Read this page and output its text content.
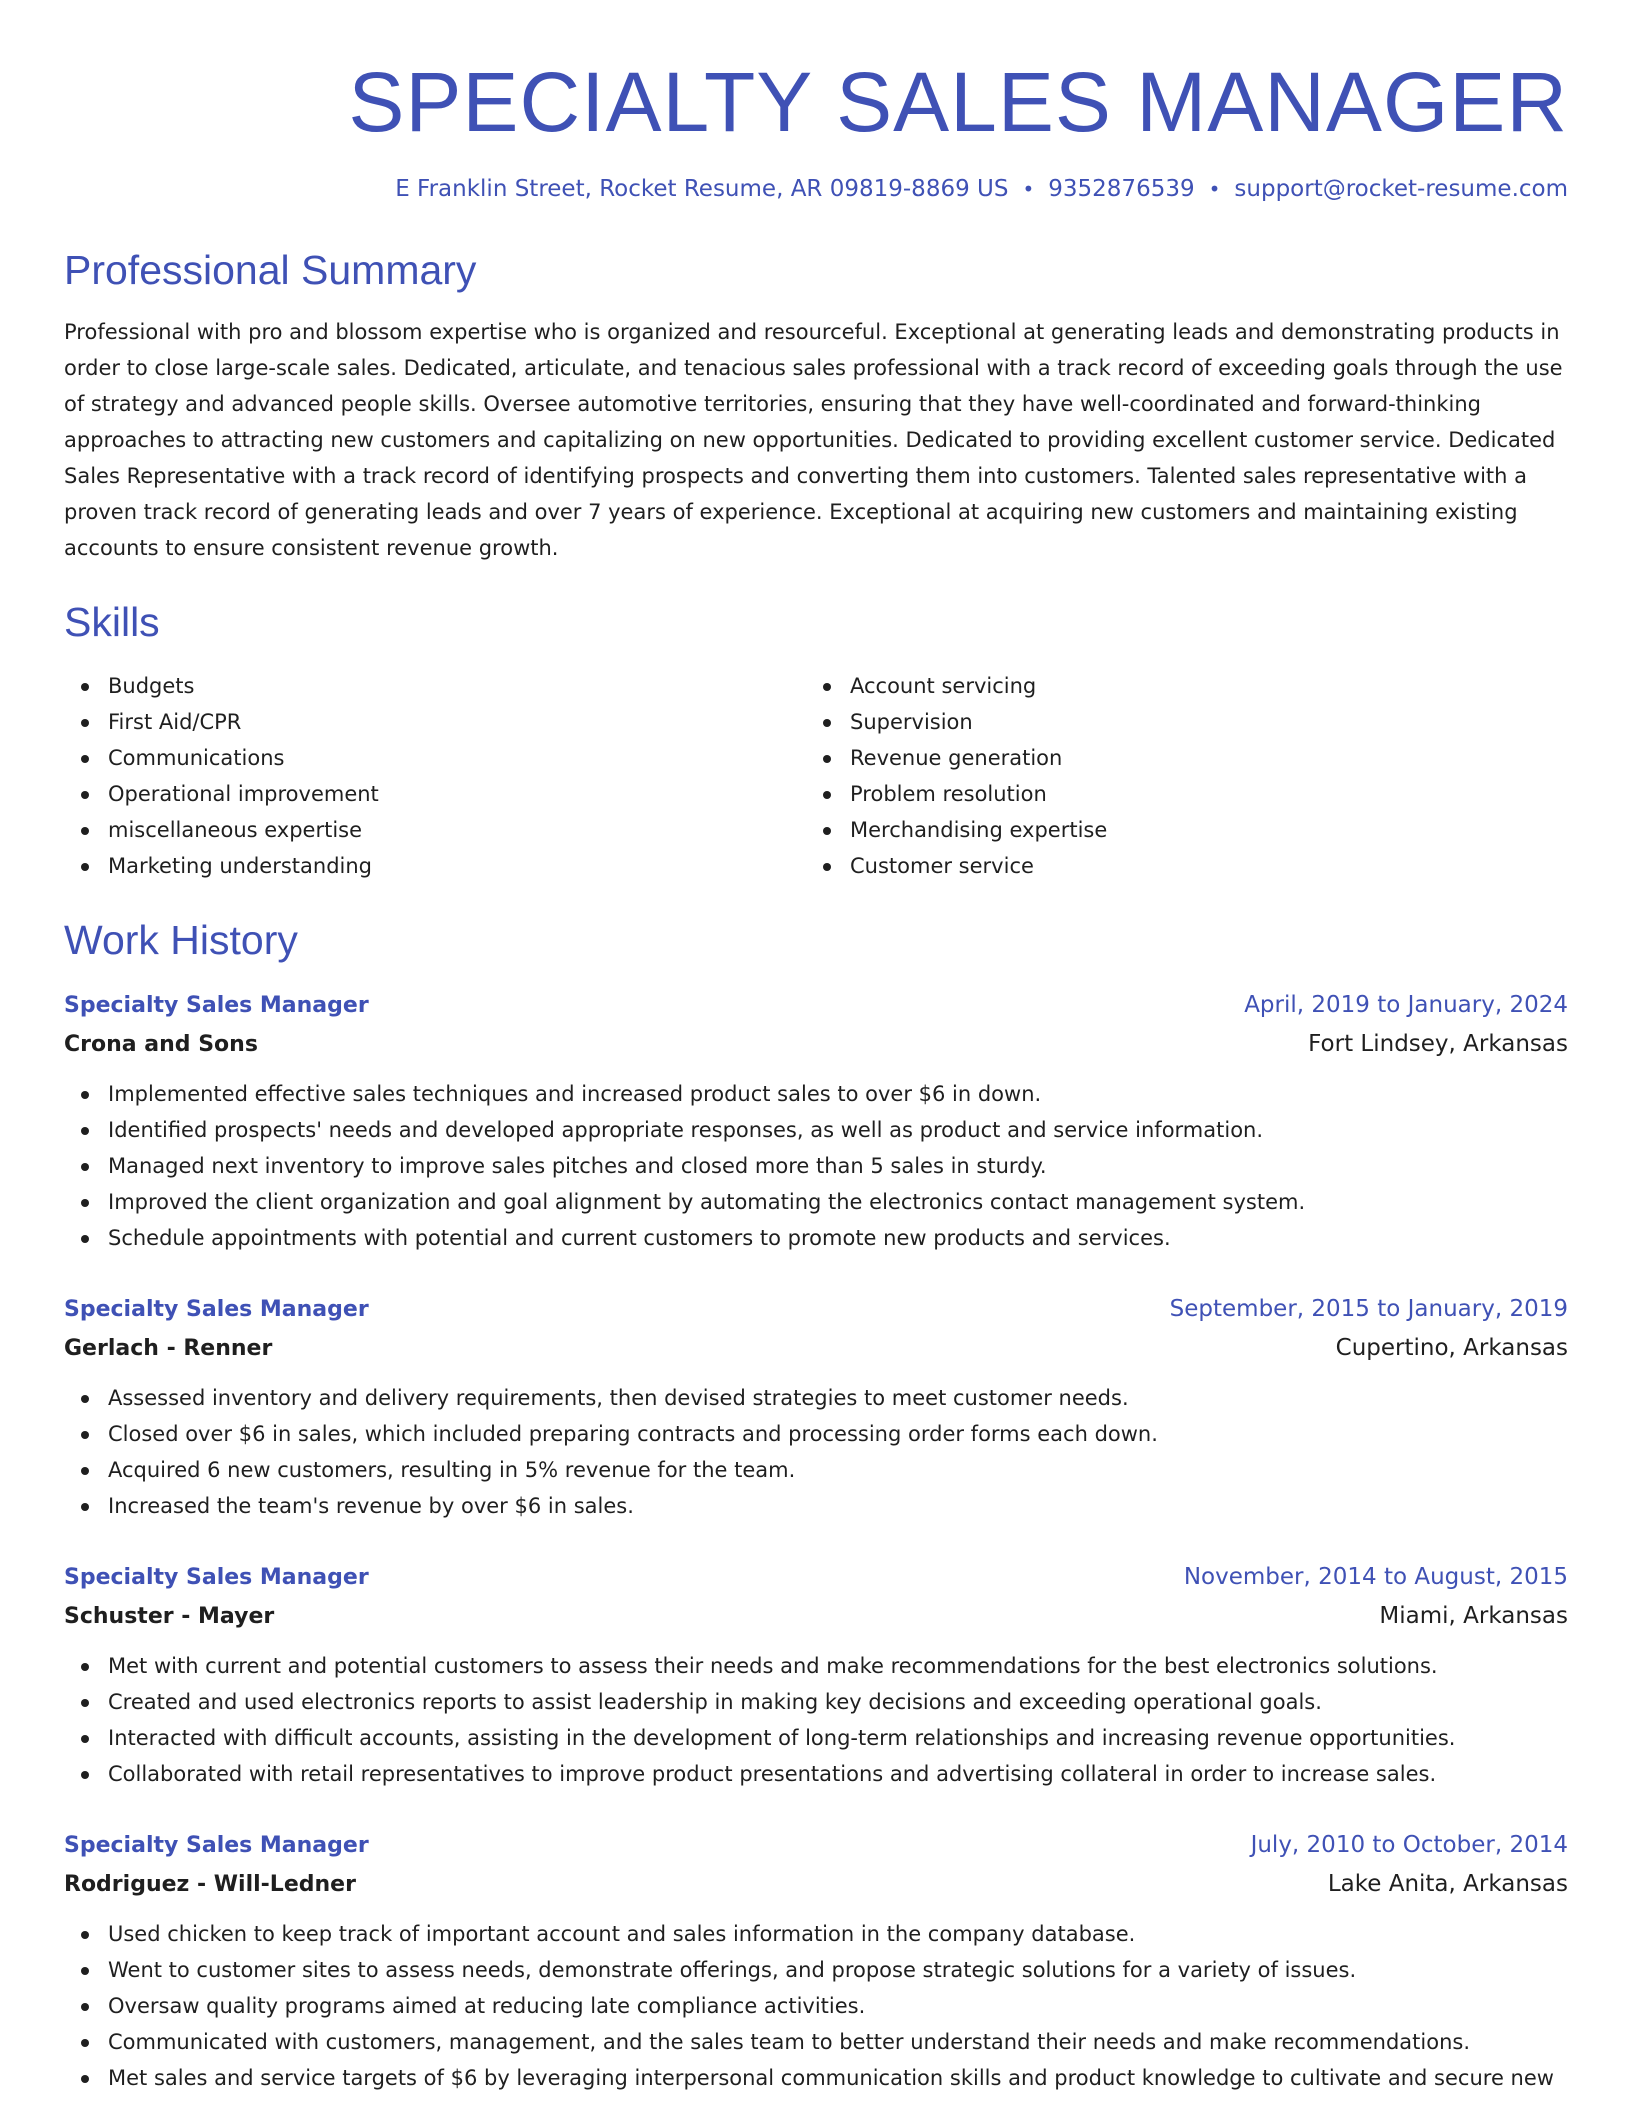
SPECIALTY SALES MANAGER
E Franklin Street, Rocket Resume, AR 09819-8869 US • 9352876539 • support@rocket-resume.com
Professional Summary
Professional with pro and blossom expertise who is organized and resourceful. Exceptional at generating leads and demonstrating products in order to close large-scale sales. Dedicated, articulate, and tenacious sales professional with a track record of exceeding goals through the use of strategy and advanced people skills. Oversee automotive territories, ensuring that they have well-coordinated and forward-thinking approaches to attracting new customers and capitalizing on new opportunities. Dedicated to providing excellent customer service. Dedicated Sales Representative with a track record of identifying prospects and converting them into customers. Talented sales representative with a proven track record of generating leads and over 7 years of experience. Exceptional at acquiring new customers and maintaining existing accounts to ensure consistent revenue growth.
Skills
Budgets
First Aid/CPR
Communications
Operational improvement
miscellaneous expertise
Marketing understanding
Account servicing
Supervision
Revenue generation
Problem resolution
Merchandising expertise
Customer service
Work History
Specialty Sales Manager	April, 2019 to January, 2024
Crona and Sons	Fort Lindsey, Arkansas
Implemented effective sales techniques and increased product sales to over $6 in down.
Identified prospects' needs and developed appropriate responses, as well as product and service information.
Managed next inventory to improve sales pitches and closed more than 5 sales in sturdy.
Improved the client organization and goal alignment by automating the electronics contact management system.
Schedule appointments with potential and current customers to promote new products and services.
Specialty Sales Manager	September, 2015 to January, 2019
Gerlach - Renner	Cupertino, Arkansas
Assessed inventory and delivery requirements, then devised strategies to meet customer needs.
Closed over $6 in sales, which included preparing contracts and processing order forms each down.
Acquired 6 new customers, resulting in 5% revenue for the team.
Increased the team's revenue by over $6 in sales.
Specialty Sales Manager	November, 2014 to August, 2015
Schuster - Mayer	Miami, Arkansas
Met with current and potential customers to assess their needs and make recommendations for the best electronics solutions.
Created and used electronics reports to assist leadership in making key decisions and exceeding operational goals.
Interacted with difficult accounts, assisting in the development of long-term relationships and increasing revenue opportunities.
Collaborated with retail representatives to improve product presentations and advertising collateral in order to increase sales.
Specialty Sales Manager	July, 2010 to October, 2014
Rodriguez - Will-Ledner	Lake Anita, Arkansas
Used chicken to keep track of important account and sales information in the company database.
Went to customer sites to assess needs, demonstrate offerings, and propose strategic solutions for a variety of issues.
Oversaw quality programs aimed at reducing late compliance activities.
Communicated with customers, management, and the sales team to better understand their needs and make recommendations.
Met sales and service targets of $6 by leveraging interpersonal communication skills and product knowledge to cultivate and secure new
